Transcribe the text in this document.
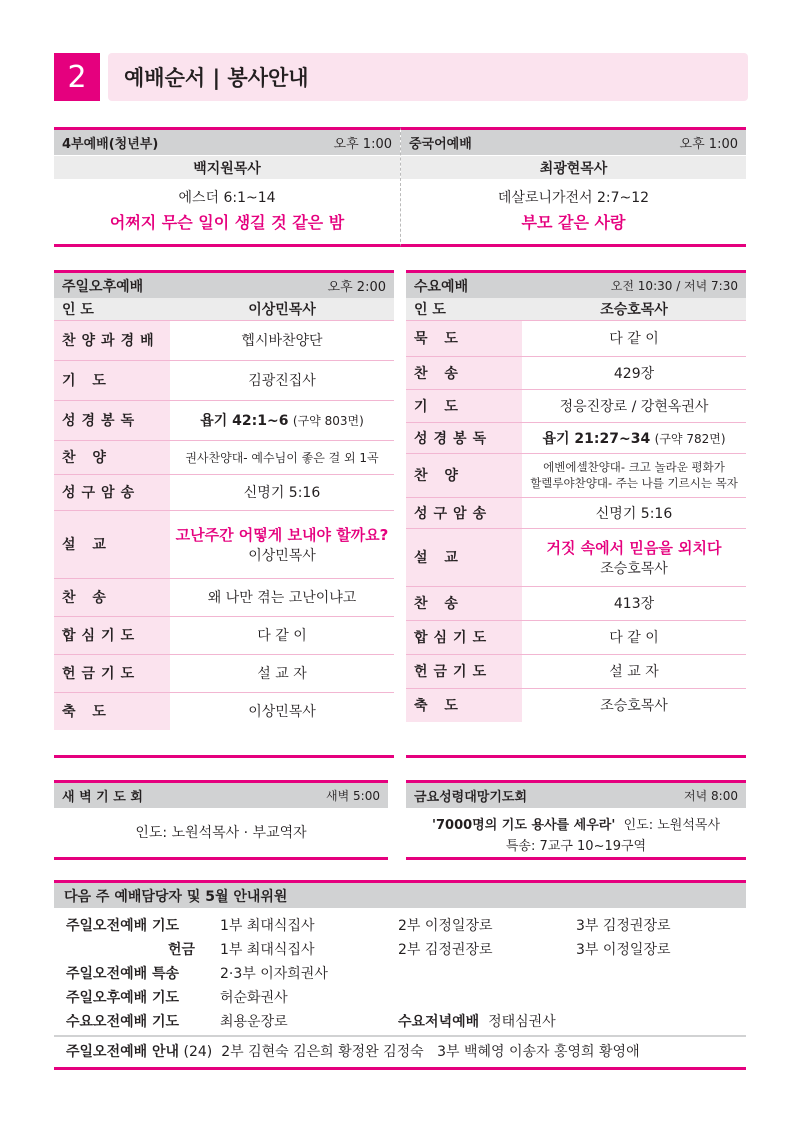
2	예배순서 | 봉사안내
4부예배(청년부)	오후 1:00
백지원목사
에스더 6:1~14
어쩌지 무슨 일이 생길 것 같은 밤
중국어예배	오후 1:00
최광현목사
데살로니가전서 2:7~12
부모 같은 사랑
주일오후예배	오후 2:00
인 도	이상민목사
찬양과경배	헵시바찬양단
기 도	김광진집사
성경봉독	욥기 42:1~6 (구약 803면)
찬 양	권사찬양대- 예수님이 좋은 걸 외 1곡
성구암송	신명기 5:16
설 교	고난주간 어떻게 보내야 할까요?
이상민목사

찬 송	왜 나만 겪는 고난이냐고
합심기도	다 같 이
헌금기도	설 교 자
축 도	이상민목사
수요예배	오전 10:30 / 저녁 7:30
인 도	조승호목사
묵 도	다 같 이
찬 송	429장
기 도	정응진장로 / 강현옥권사
성경봉독	욥기 21:27~34 (구약 782면)
찬 양	에벤에셀찬양대- 크고 놀라운 평화가
할렐루야찬양대- 주는 나를 기르시는 목자

성구암송	신명기 5:16
설 교	거짓 속에서 믿음을 외치다
조승호목사

찬 송	413장
합심기도	다 같 이
헌금기도	설 교 자
축 도	조승호목사
새 벽 기 도 회	새벽 5:00
인도: 노원석목사 · 부교역자
금요성령대망기도회	저녁 8:00
'7000명의 기도 용사를 세우라' 인도: 노원석목사
특송: 7교구 10~19구역
다음 주 예배담당자 및 5월 안내위원
주일오전예배 기도	1부 최대식집사	2부 이정일장로	3부 김정권장로
헌금 1부 최대식집사	2부 김정권장로	3부 이정일장로
주일오전예배 특송	2·3부 이자희권사
주일오후예배 기도	허순화권사
수요오전예배 기도	최용운장로	수요저녁예배 정태심권사
주일오전예배 안내 (24) 2부 김현숙 김은희 황정완 김정숙 3부 백혜영 이송자 홍영희 황영애
